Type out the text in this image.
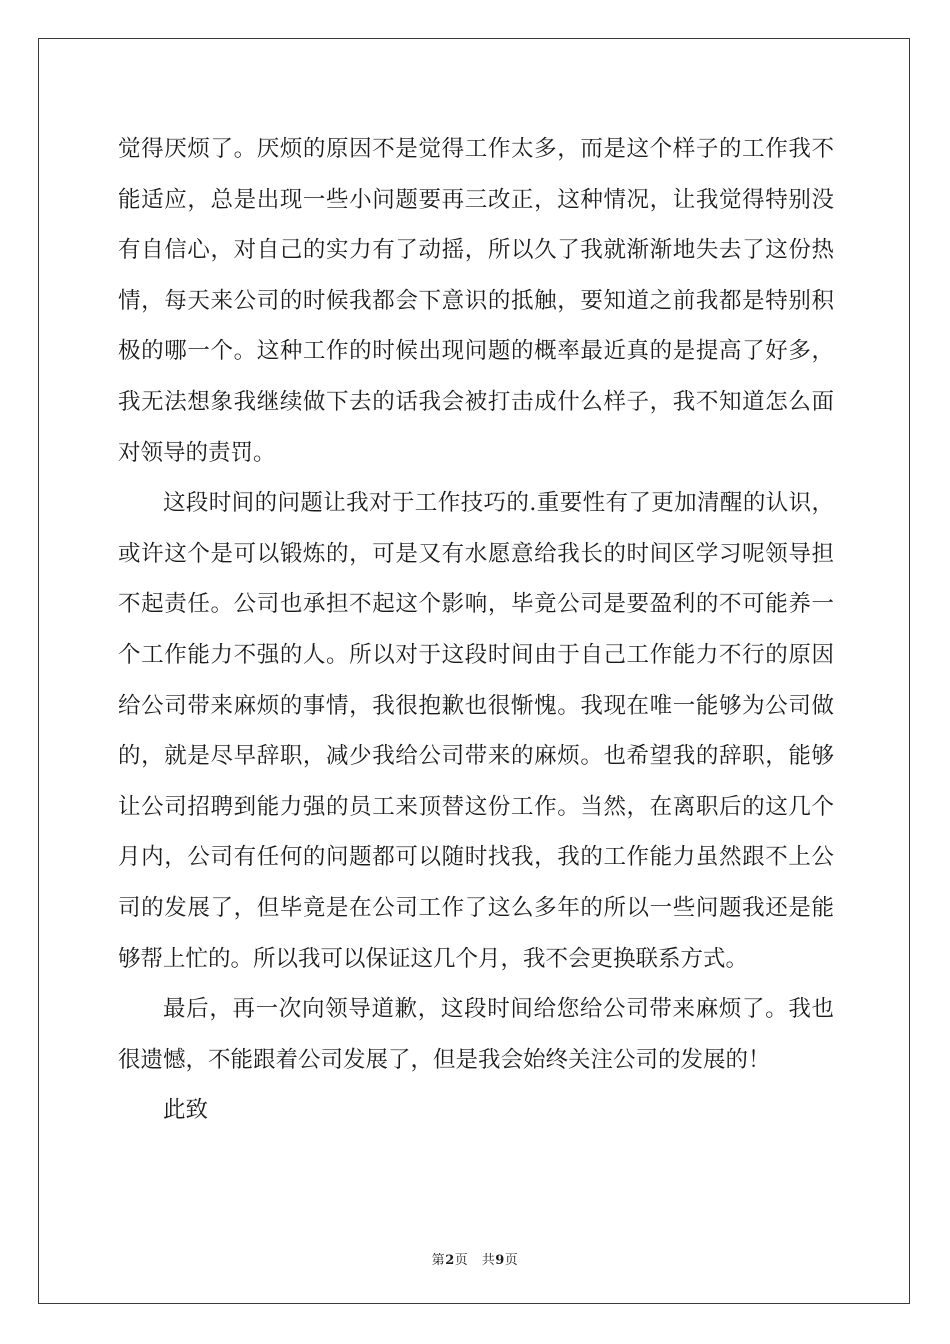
觉得厌烦了。厌烦的原因不是觉得工作太多，而是这个样子的工作我不能适应，总是出现一些小问题要再三改正，这种情况，让我觉得特别没有自信心，对自己的实力有了动摇，所以久了我就渐渐地失去了这份热情，每天来公司的时候我都会下意识的抵触，要知道之前我都是特别积极的哪一个。这种工作的时候出现问题的概率最近真的是提高了好多，我无法想象我继续做下去的话我会被打击成什么样子，我不知道怎么面对领导的责罚。

这段时间的问题让我对于工作技巧的.重要性有了更加清醒的认识，或许这个是可以锻炼的，可是又有水愿意给我长的时间区学习呢领导担不起责任。公司也承担不起这个影响，毕竟公司是要盈利的不可能养一个工作能力不强的人。所以对于这段时间由于自己工作能力不行的原因给公司带来麻烦的事情，我很抱歉也很惭愧。我现在唯一能够为公司做的，就是尽早辞职，减少我给公司带来的麻烦。也希望我的辞职，能够让公司招聘到能力强的员工来顶替这份工作。当然，在离职后的这几个月内，公司有任何的问题都可以随时找我，我的工作能力虽然跟不上公司的发展了，但毕竟是在公司工作了这么多年的所以一些问题我还是能够帮上忙的。所以我可以保证这几个月，我不会更换联系方式。

最后，再一次向领导道歉，这段时间给您给公司带来麻烦了。我也很遗憾，不能跟着公司发展了，但是我会始终关注公司的发展的！

此致

第2页　共9页
